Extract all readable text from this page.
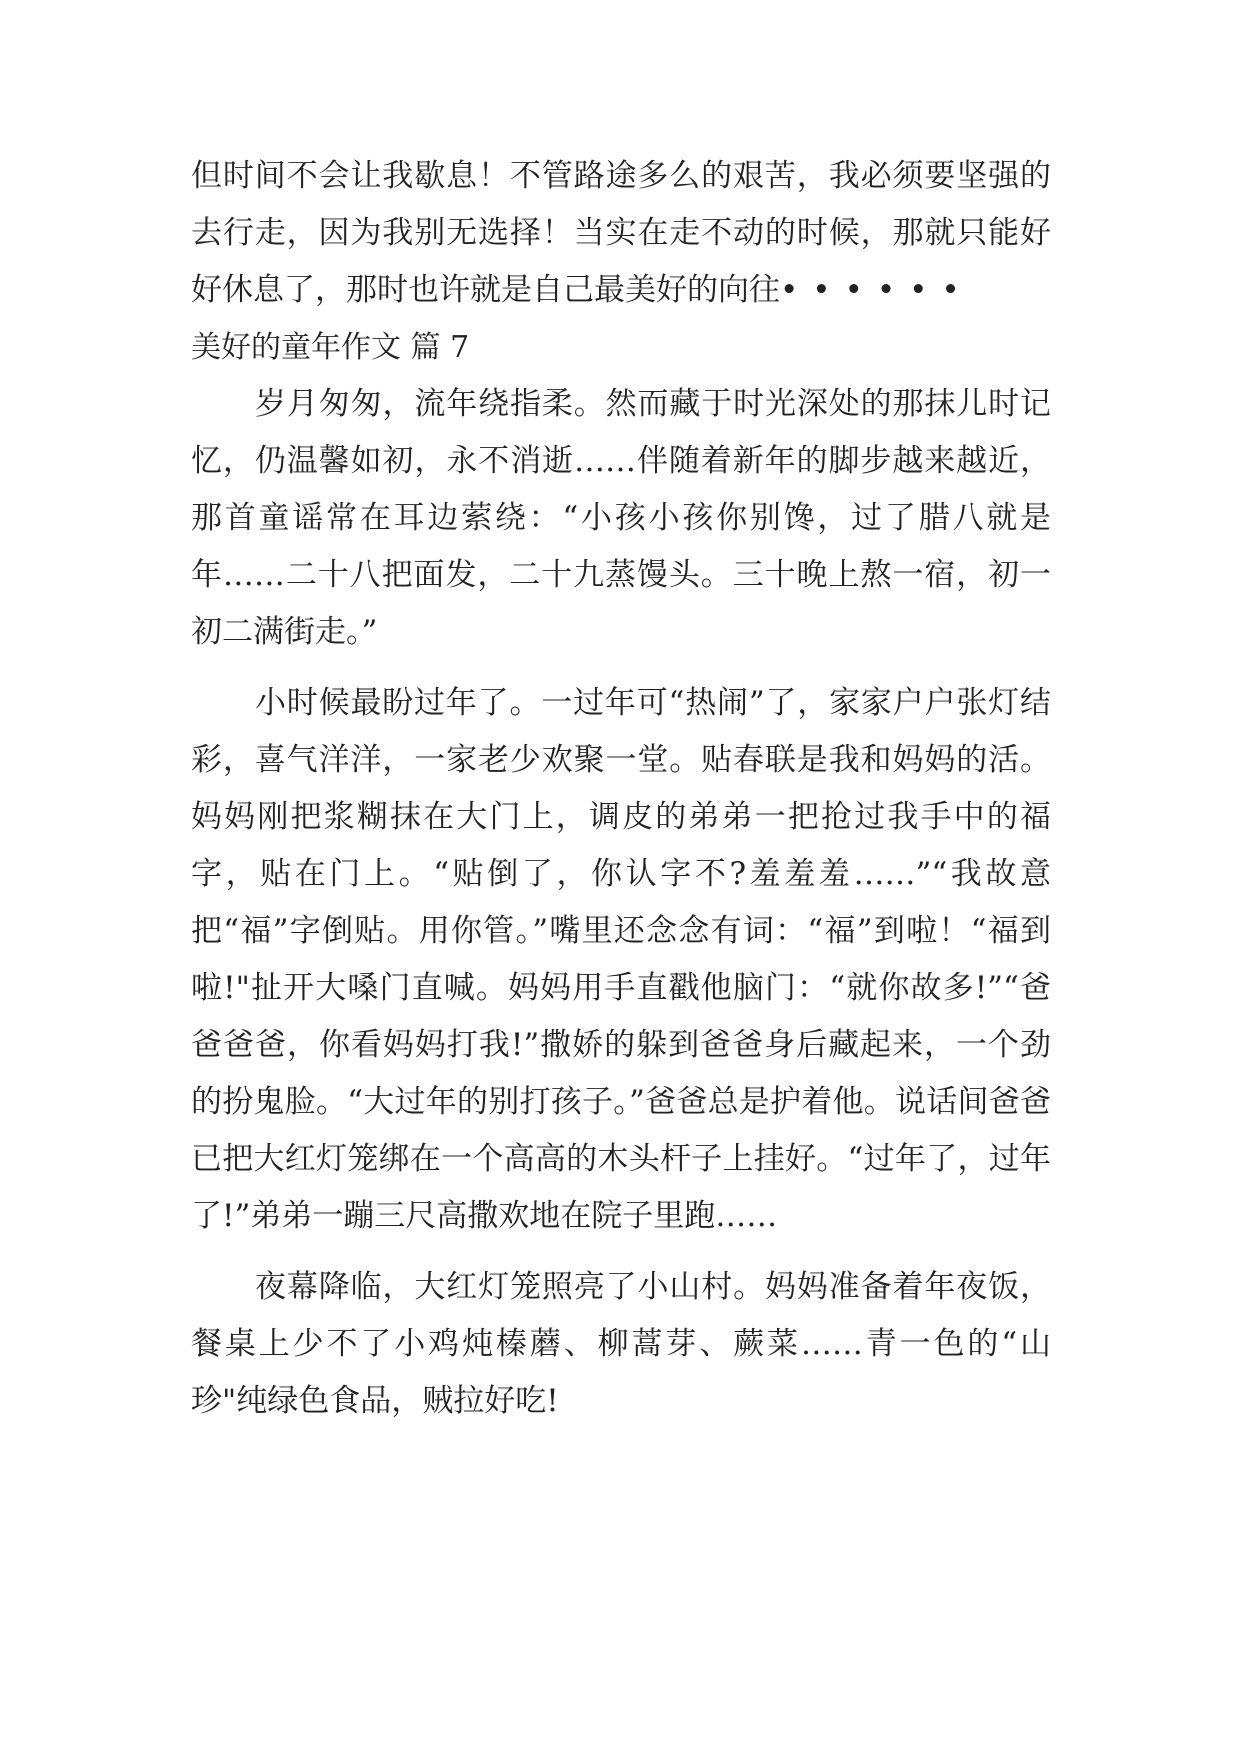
但时间不会让我歇息！不管路途多么的艰苦，我必须要坚强的去行走，因为我别无选择！当实在走不动的时候，那就只能好好休息了，那时也许就是自己最美好的向往••••••

美好的童年作文 篇 7

岁月匆匆，流年绕指柔。然而藏于时光深处的那抹儿时记忆，仍温馨如初，永不消逝……伴随着新年的脚步越来越近，那首童谣常在耳边萦绕：“小孩小孩你别馋，过了腊八就是年……二十八把面发，二十九蒸馒头。三十晚上熬一宿，初一初二满街走。”

小时候最盼过年了。一过年可“热闹”了，家家户户张灯结彩，喜气洋洋，一家老少欢聚一堂。贴春联是我和妈妈的活。妈妈刚把浆糊抹在大门上，调皮的弟弟一把抢过我手中的福字，贴在门上。“贴倒了，你认字不?羞羞羞……”“我故意把“福”字倒贴。用你管。”嘴里还念念有词：“福”到啦！“福到啦!"扯开大嗓门直喊。妈妈用手直戳他脑门：“就你故多!”“爸爸爸爸，你看妈妈打我!”撒娇的躲到爸爸身后藏起来，一个劲的扮鬼脸。“大过年的别打孩子。”爸爸总是护着他。说话间爸爸已把大红灯笼绑在一个高高的木头杆子上挂好。“过年了，过年了!”弟弟一蹦三尺高撒欢地在院子里跑……

夜幕降临，大红灯笼照亮了小山村。妈妈准备着年夜饭，餐桌上少不了小鸡炖榛蘑、柳蒿芽、蕨菜……青一色的“山珍"纯绿色食品，贼拉好吃!
